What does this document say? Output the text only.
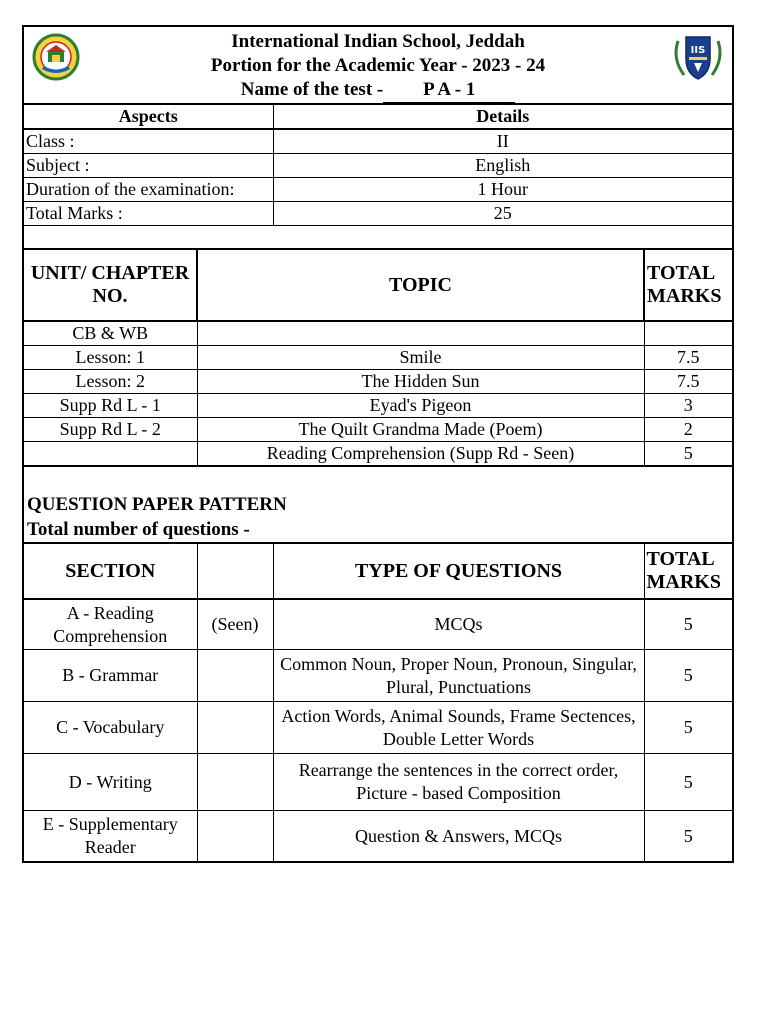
International Indian School, Jeddah
Portion for the Academic Year - 2023 - 24
Name of the test - P A - 1
IIS			

Aspects		Details	
Class :		II	
Subject :		English	
Duration of the examination:		1 Hour	
Total Marks :		25	

UNIT/ CHAPTER NO.	TOPIC		TOTAL MARKS
CB & WB			
Lesson: 1	Smile		7.5
Lesson: 2	The Hidden Sun		7.5
Supp Rd L - 1	Eyad's Pigeon		3
Supp Rd L - 2	The Quilt Grandma Made (Poem)		2
	Reading Comprehension (Supp Rd - Seen)		5

QUESTION PAPER PATTERN
Total number of questions -			

SECTION		TYPE OF QUESTIONS	TOTAL MARKS
A - Reading Comprehension	(Seen)	MCQs	5
B - Grammar		Common Noun, Proper Noun, Pronoun, Singular, Plural, Punctuations	5
C - Vocabulary		Action Words, Animal Sounds, Frame Sectences, Double Letter Words	5
D - Writing		Rearrange the sentences in the correct order, Picture - based Composition	5
E - Supplementary Reader		Question & Answers, MCQs	5
